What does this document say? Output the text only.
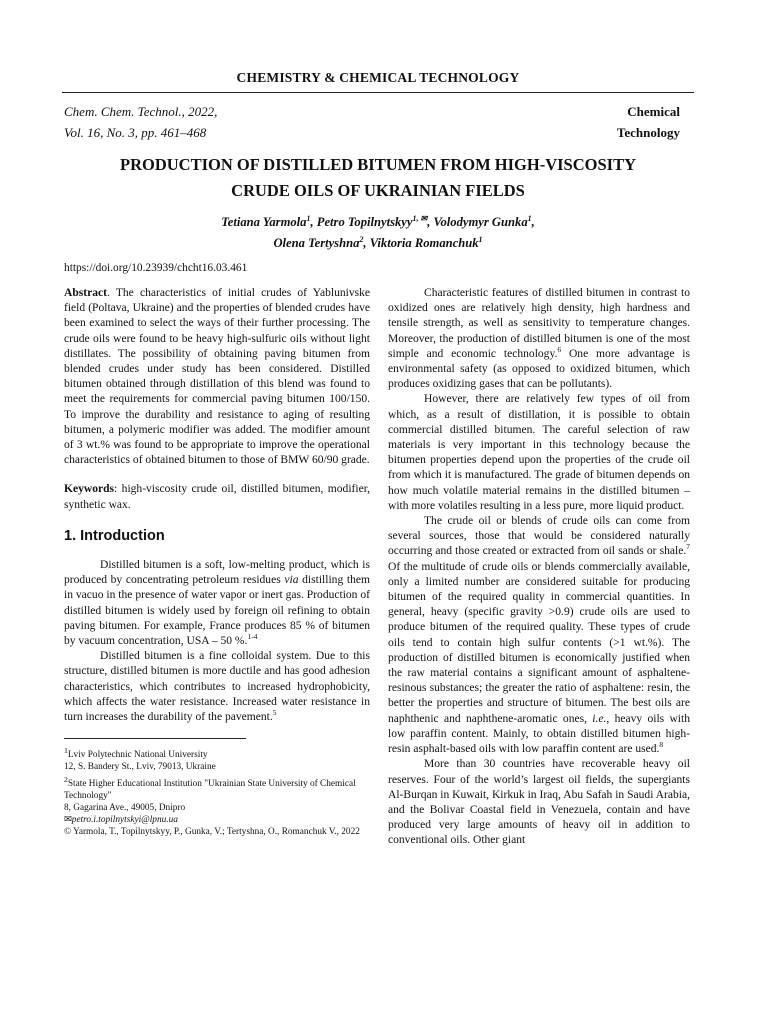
CHEMISTRY & CHEMICAL TECHNOLOGY
Chem. Chem. Technol., 2022,
Vol. 16, No. 3, pp. 461–468
Chemical
Technology
PRODUCTION OF DISTILLED BITUMEN FROM HIGH-VISCOSITY
CRUDE OILS OF UKRAINIAN FIELDS
Tetiana Yarmola$^1$, Petro Topilnytskyy$^{1, ✉}$, Volodymyr Gunka$^1$,
Olena Tertyshna$^2$, Viktoria Romanchuk$^1$
https://doi.org/10.23939/chcht16.03.461

Abstract. The characteristics of initial crudes of Yablunivske field (Poltava, Ukraine) and the properties of blended crudes have been examined to select the ways of their further processing. The crude oils were found to be heavy high-sulfuric oils without light distillates. The possibility of obtaining paving bitumen from blended crudes under study has been considered. Distilled bitumen obtained through distillation of this blend was found to meet the requirements for commercial paving bitumen 100/150. To improve the durability and resistance to aging of resulting bitumen, a polymeric modifier was added. The modifier amount of 3 wt.% was found to be appropriate to improve the operational characteristics of obtained bitumen to those of BMW 60/90 grade.

Keywords: high-viscosity crude oil, distilled bitumen, modifier, synthetic wax.

1. Introduction

Distilled bitumen is a soft, low-melting product, which is produced by concentrating petroleum residues via distilling them in vacuo in the presence of water vapor or inert gas. Production of distilled bitumen is widely used by foreign oil refining to obtain paving bitumen. For example, France produces 85 % of bitumen by vacuum concentration, USA – 50 %.$^{1-4}$

Distilled bitumen is a fine colloidal system. Due to this structure, distilled bitumen is more ductile and has good adhesion characteristics, which contributes to increased hydrophobicity, which affects the water resistance. Increased water resistance in turn increases the durability of the pavement.$^5$

$^1$Lviv Polytechnic National University

12, S. Bandery St., Lviv, 79013, Ukraine

$^2$State Higher Educational Institution "Ukrainian State University of Chemical Technology"

8, Gagarina Ave., 49005, Dnipro

✉petro.i.topilnytskyi@lpnu.ua

© Yarmola, T., Topilnytskyy, P., Gunka, V.; Tertyshna, O., Romanchuk V., 2022

Characteristic features of distilled bitumen in contrast to oxidized ones are relatively high density, high hardness and tensile strength, as well as sensitivity to temperature changes. Moreover, the production of distilled bitumen is one of the most simple and economic technology.$^6$ One more advantage is environmental safety (as opposed to oxidized bitumen, which produces oxidizing gases that can be pollutants).

However, there are relatively few types of oil from which, as a result of distillation, it is possible to obtain commercial distilled bitumen. The careful selection of raw materials is very important in this technology because the bitumen properties depend upon the properties of the crude oil from which it is manufactured. The grade of bitumen depends on how much volatile material remains in the distilled bitumen –with more volatiles resulting in a less pure, more liquid product.

The crude oil or blends of crude oils can come from several sources, those that would be considered naturally occurring and those created or extracted from oil sands or shale.$^7$ Of the multitude of crude oils or blends commercially available, only a limited number are considered suitable for producing bitumen of the required quality in commercial quantities. In general, heavy (specific gravity >0.9) crude oils are used to produce bitumen of the required quality. These types of crude oils tend to contain high sulfur contents (>1 wt.%). The production of distilled bitumen is economically justified when the raw material contains a significant amount of asphaltene-resinous substances; the greater the ratio of asphaltene: resin, the better the properties and structure of bitumen. The best oils are naphthenic and naphthene-aromatic ones, i.e., heavy oils with low paraffin content. Mainly, to obtain distilled bitumen high-resin asphalt-based oils with low paraffin content are used.$^8$

More than 30 countries have recoverable heavy oil reserves. Four of the world’s largest oil fields, the supergiants Al-Burqan in Kuwait, Kirkuk in Iraq, Abu Safah in Saudi Arabia, and the Bolivar Coastal field in Venezuela, contain and have produced very large amounts of heavy oil in addition to conventional oils. Other giant
